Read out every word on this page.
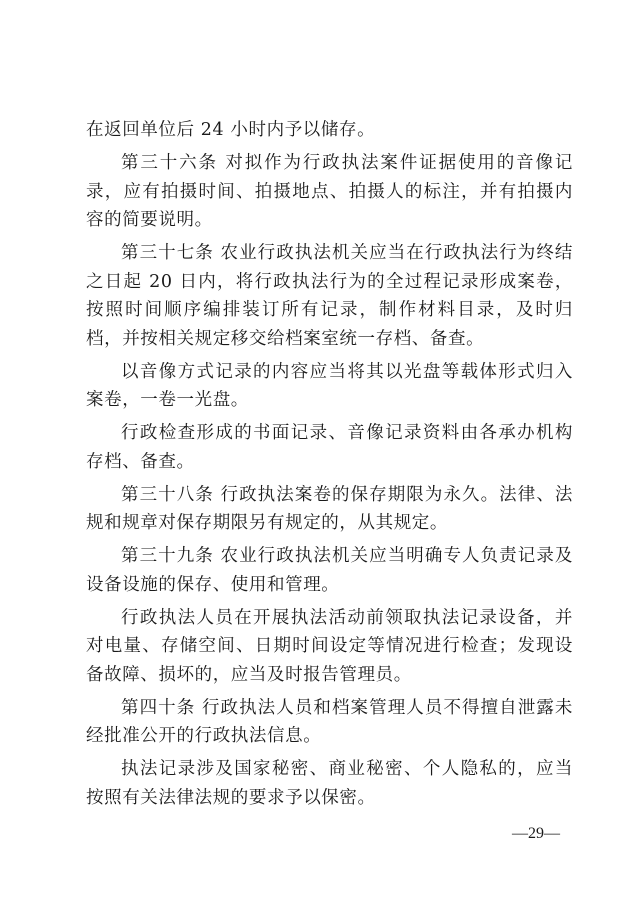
在返回单位后 24 小时内予以储存。

第三十六条 对拟作为行政执法案件证据使用的音像记录，应有拍摄时间、拍摄地点、拍摄人的标注，并有拍摄内容的简要说明。

第三十七条 农业行政执法机关应当在行政执法行为终结之日起 20 日内，将行政执法行为的全过程记录形成案卷，按照时间顺序编排装订所有记录，制作材料目录，及时归档，并按相关规定移交给档案室统一存档、备查。

以音像方式记录的内容应当将其以光盘等载体形式归入案卷，一卷一光盘。

行政检查形成的书面记录、音像记录资料由各承办机构存档、备查。

第三十八条 行政执法案卷的保存期限为永久。法律、法规和规章对保存期限另有规定的，从其规定。

第三十九条 农业行政执法机关应当明确专人负责记录及设备设施的保存、使用和管理。

行政执法人员在开展执法活动前领取执法记录设备，并对电量、存储空间、日期时间设定等情况进行检查；发现设备故障、损坏的，应当及时报告管理员。

第四十条 行政执法人员和档案管理人员不得擅自泄露未经批准公开的行政执法信息。

执法记录涉及国家秘密、商业秘密、个人隐私的，应当按照有关法律法规的要求予以保密。

—29—
